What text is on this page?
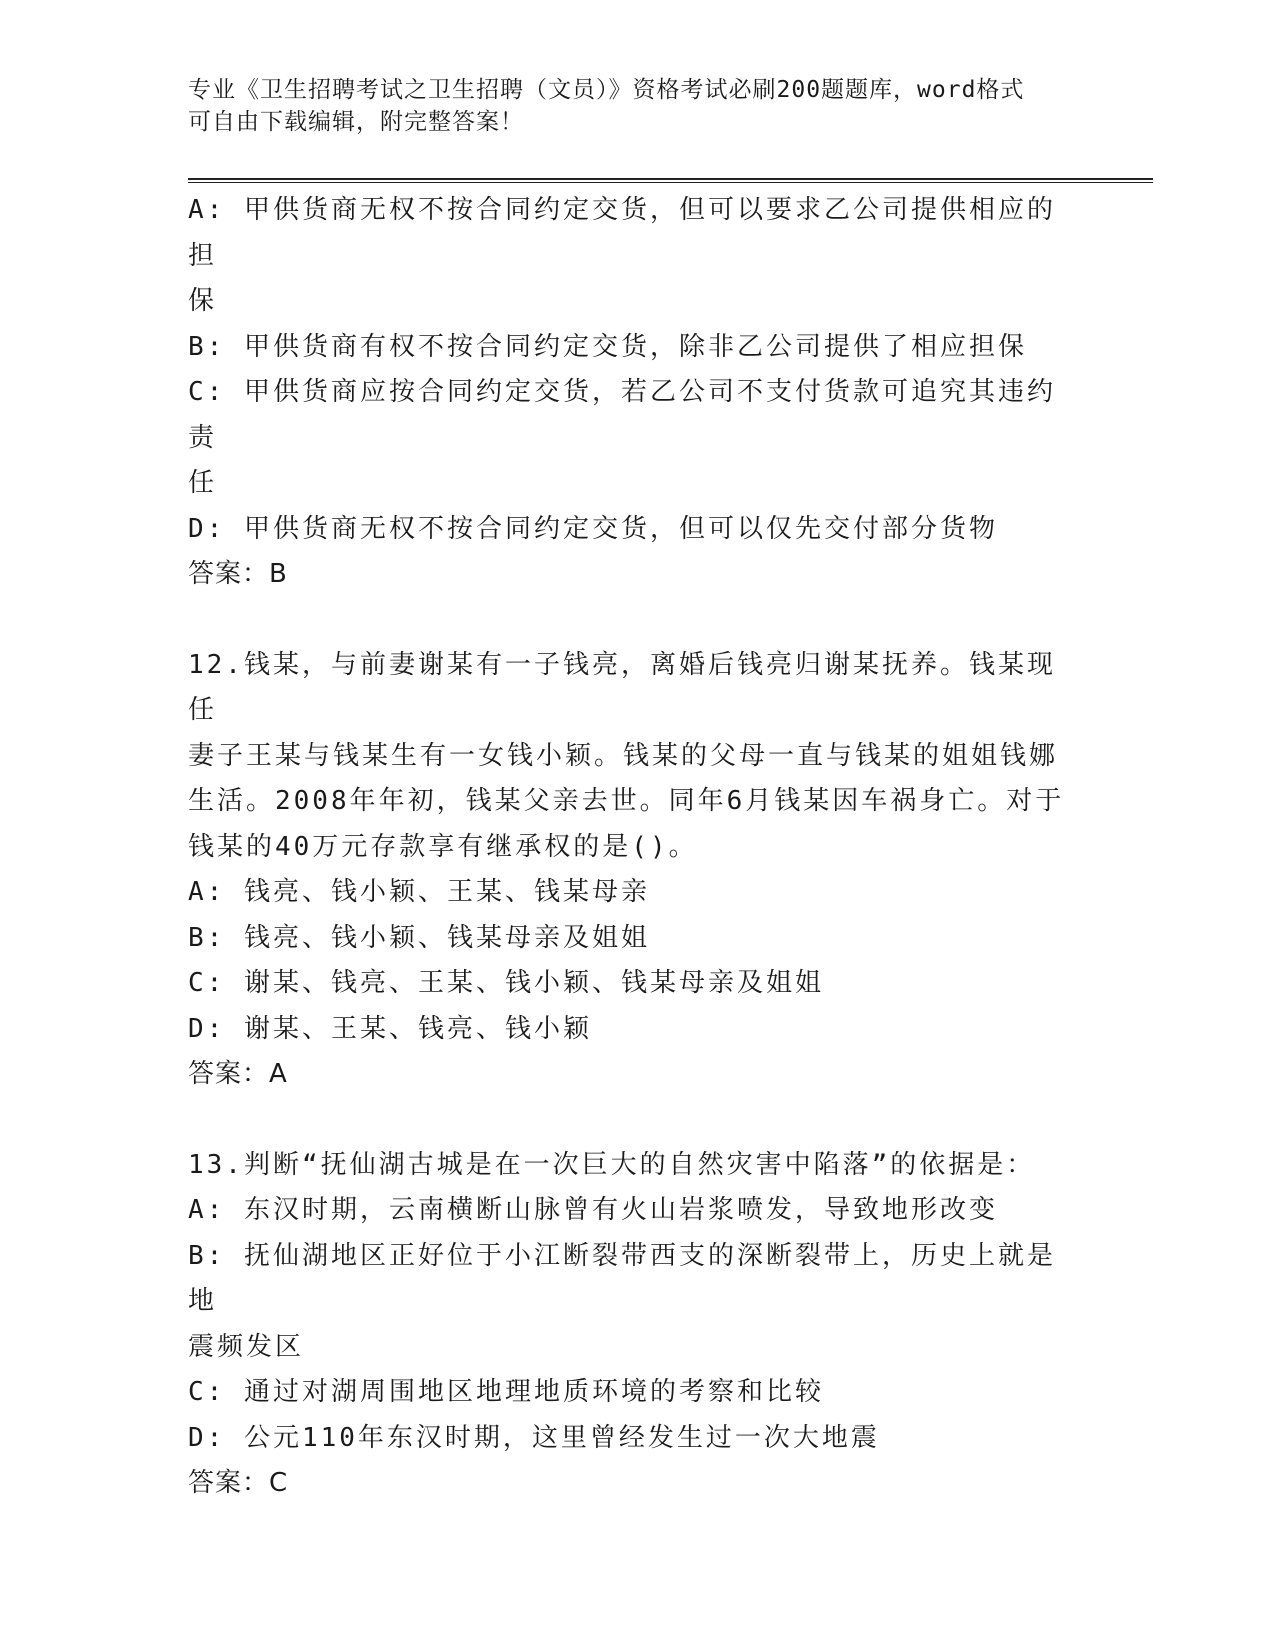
专业《卫生招聘考试之卫生招聘（文员）》资格考试必刷200题题库，word格式
可自由下载编辑，附完整答案！
A: 甲供货商无权不按合同约定交货，但可以要求乙公司提供相应的担
保
B: 甲供货商有权不按合同约定交货，除非乙公司提供了相应担保
C: 甲供货商应按合同约定交货，若乙公司不支付货款可追究其违约责
任
D: 甲供货商无权不按合同约定交货，但可以仅先交付部分货物
答案：B
12.钱某，与前妻谢某有一子钱亮，离婚后钱亮归谢某抚养。钱某现任
妻子王某与钱某生有一女钱小颖。钱某的父母一直与钱某的姐姐钱娜
生活。2008年年初，钱某父亲去世。同年6月钱某因车祸身亡。对于
钱某的40万元存款享有继承权的是()。
A: 钱亮、钱小颖、王某、钱某母亲
B: 钱亮、钱小颖、钱某母亲及姐姐
C: 谢某、钱亮、王某、钱小颖、钱某母亲及姐姐
D: 谢某、王某、钱亮、钱小颖
答案：A
13.判断“抚仙湖古城是在一次巨大的自然灾害中陷落”的依据是：
A: 东汉时期，云南横断山脉曾有火山岩浆喷发，导致地形改变
B: 抚仙湖地区正好位于小江断裂带西支的深断裂带上，历史上就是地
震频发区
C: 通过对湖周围地区地理地质环境的考察和比较
D: 公元110年东汉时期，这里曾经发生过一次大地震
答案：C
